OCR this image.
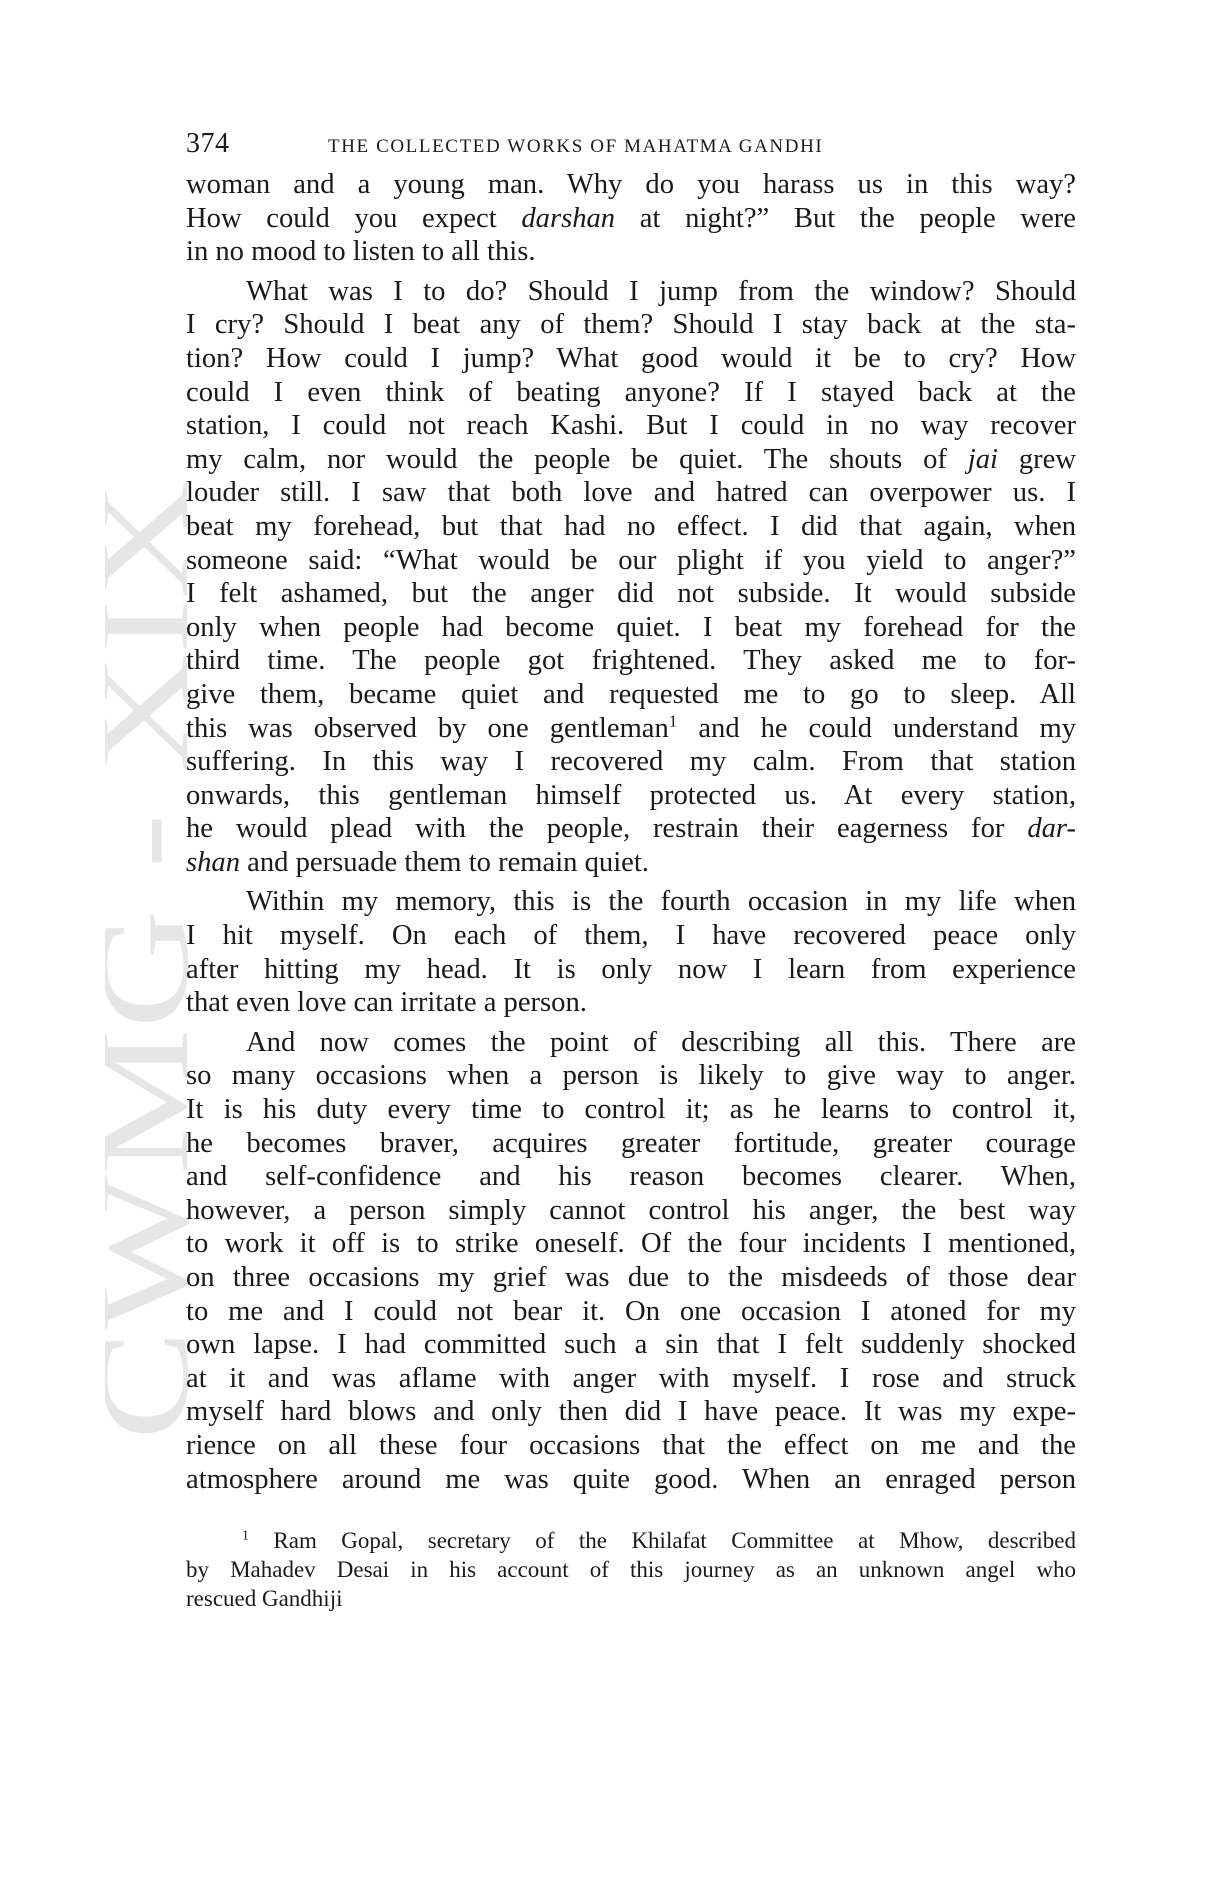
CWMG XIX
374	THE COLLECTED WORKS OF MAHATMA GANDHI

woman and a young man. Why do you harass us in this way?
How could you expect darshan at night?” But the people were
in no mood to listen to all this.

What was I to do? Should I jump from the window? Should
I cry? Should I beat any of them? Should I stay back at the sta-
tion? How could I jump? What good would it be to cry? How
could I even think of beating anyone? If I stayed back at the
station, I could not reach Kashi. But I could in no way recover
my calm, nor would the people be quiet. The shouts of jai grew
louder still. I saw that both love and hatred can overpower us. I
beat my forehead, but that had no effect. I did that again, when
someone said: “What would be our plight if you yield to anger?”
I felt ashamed, but the anger did not subside. It would subside
only when people had become quiet. I beat my forehead for the
third time. The people got frightened. They asked me to for-
give them, became quiet and requested me to go to sleep. All
this was observed by one gentleman$^1$ and he could understand my
suffering. In this way I recovered my calm. From that station
onwards, this gentleman himself protected us. At every station,
he would plead with the people, restrain their eagerness for dar-
shan and persuade them to remain quiet.

Within my memory, this is the fourth occasion in my life when
I hit myself. On each of them, I have recovered peace only
after hitting my head. It is only now I learn from experience
that even love can irritate a person.

And now comes the point of describing all this. There are
so many occasions when a person is likely to give way to anger.
It is his duty every time to control it; as he learns to control it,
he becomes braver, acquires greater fortitude, greater courage
and self-confidence and his reason becomes clearer. When,
however, a person simply cannot control his anger, the best way
to work it off is to strike oneself. Of the four incidents I mentioned,
on three occasions my grief was due to the misdeeds of those dear
to me and I could not bear it. On one occasion I atoned for my
own lapse. I had committed such a sin that I felt suddenly shocked
at it and was aflame with anger with myself. I rose and struck
myself hard blows and only then did I have peace. It was my expe-
rience on all these four occasions that the effect on me and the
atmosphere around me was quite good. When an enraged person

$^1$ Ram Gopal, secretary of the Khilafat Committee at Mhow, described
by Mahadev Desai in his account of this journey as an unknown angel who
rescued Gandhiji
